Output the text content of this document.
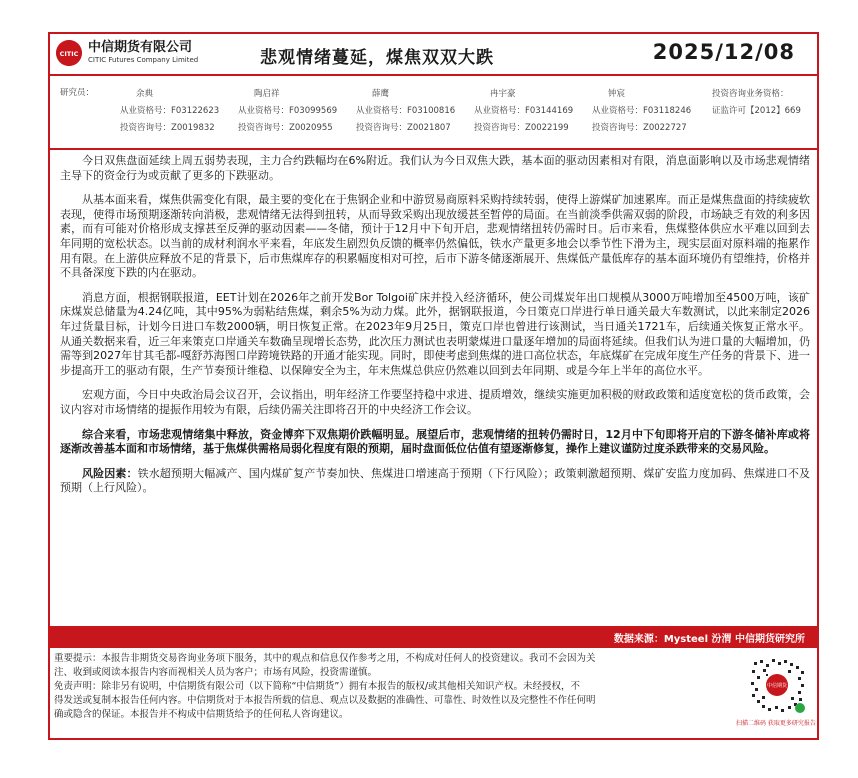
CITIC 中信期货有限公司
CITIC Futures Company Limited	悲观情绪蔓延，煤焦双双大跌	2025/12/08
研究员：	余典
从业资格号：F03122623
投资咨询号：Z0019832
陶启祥
从业资格号：F03099569
投资咨询号：Z0020955
薛鹰
从业资格号：F03100816
投资咨询号：Z0021807
冉宇豪
从业资格号：F03144169
投资咨询号：Z0022199
钟宸
从业资格号：F03118246
投资咨询号：Z0022727
投资咨询业务资格：
证监许可【2012】669

今日双焦盘面延续上周五弱势表现，主力合约跌幅均在6%附近。我们认为今日双焦大跌，基本面的驱动因素相对有限，消息面影响以及市场悲观情绪主导下的资金行为或贡献了更多的下跌驱动。

从基本面来看，煤焦供需变化有限，最主要的变化在于焦钢企业和中游贸易商原料采购持续转弱，使得上游煤矿加速累库。而正是煤焦盘面的持续疲软表现，使得市场预期逐渐转向消极，悲观情绪无法得到扭转，从而导致采购出现放缓甚至暂停的局面。在当前淡季供需双弱的阶段，市场缺乏有效的利多因素，而有可能对价格形成支撑甚至反弹的驱动因素——冬储，预计于12月中下旬开启，悲观情绪扭转仍需时日。后市来看，焦煤整体供应水平难以回到去年同期的宽松状态。以当前的成材利润水平来看，年底发生剧烈负反馈的概率仍然偏低，铁水产量更多地会以季节性下滑为主，现实层面对原料端的拖累作用有限。在上游供应释放不足的背景下，后市焦煤库存的积累幅度相对可控，后市下游冬储逐渐展开、焦煤低产量低库存的基本面环境仍有望维持，价格并不具备深度下跌的内在驱动。

消息方面，根据钢联报道，EET计划在2026年之前开发Bor Tolgoi矿床并投入经济循环，使公司煤炭年出口规模从3000万吨增加至4500万吨，该矿床煤炭总储量为4.24亿吨，其中95%为弱粘结焦煤，剩余5%为动力煤。此外，据钢联报道，今日策克口岸进行单日通关最大车数测试，以此来制定2026年过货量目标，计划今日进口车数2000辆，明日恢复正常。在2023年9月25日，策克口岸也曾进行该测试，当日通关1721车，后续通关恢复正常水平。从通关数据来看，近三年来策克口岸通关车数确呈现增长态势，此次压力测试也表明蒙煤进口量逐年增加的局面将延续。但我们认为进口量的大幅增加，仍需等到2027年甘其毛都-嘎舒苏海图口岸跨境铁路的开通才能实现。同时，即使考虑到焦煤的进口高位状态，年底煤矿在完成年度生产任务的背景下、进一步提高开工的驱动有限，生产节奏预计维稳、以保障安全为主，年末焦煤总供应仍然难以回到去年同期、或是今年上半年的高位水平。

宏观方面，今日中央政治局会议召开，会议指出，明年经济工作要坚持稳中求进、提质增效，继续实施更加积极的财政政策和适度宽松的货币政策，会议内容对市场情绪的提振作用较为有限，后续仍需关注即将召开的中央经济工作会议。

综合来看，市场悲观情绪集中释放，资金博弈下双焦期价跌幅明显。展望后市，悲观情绪的扭转仍需时日，12月中下旬即将开启的下游冬储补库或将逐渐改善基本面和市场情绪，基于焦煤供需格局弱化程度有限的预期，届时盘面低位估值有望逐渐修复，操作上建议谨防过度杀跌带来的交易风险。

风险因素：铁水超预期大幅减产、国内煤矿复产节奏加快、焦煤进口增速高于预期（下行风险）；政策刺激超预期、煤矿安监力度加码、焦煤进口不及预期（上行风险）。

数据来源：Mysteel 汾渭 中信期货研究所
重要提示：本报告非期货交易咨询业务项下服务，其中的观点和信息仅作参考之用，不构成对任何人的投资建议。我司不会因为关
注、收到或阅读本报告内容而视相关人员为客户；市场有风险，投资需谨慎。
免责声明：除非另有说明，中信期货有限公司（以下简称“中信期货”）拥有本报告的版权/或其他相关知识产权。未经授权，不
得发送或复制本报告任何内容。中信期货对于本报告所载的信息、观点以及数据的准确性、可靠性、时效性以及完整性不作任何明
确或隐含的保证。本报告并不构成中信期货给予的任何私人咨询建议。
中信期货
扫描二维码 获取更多研究报告
